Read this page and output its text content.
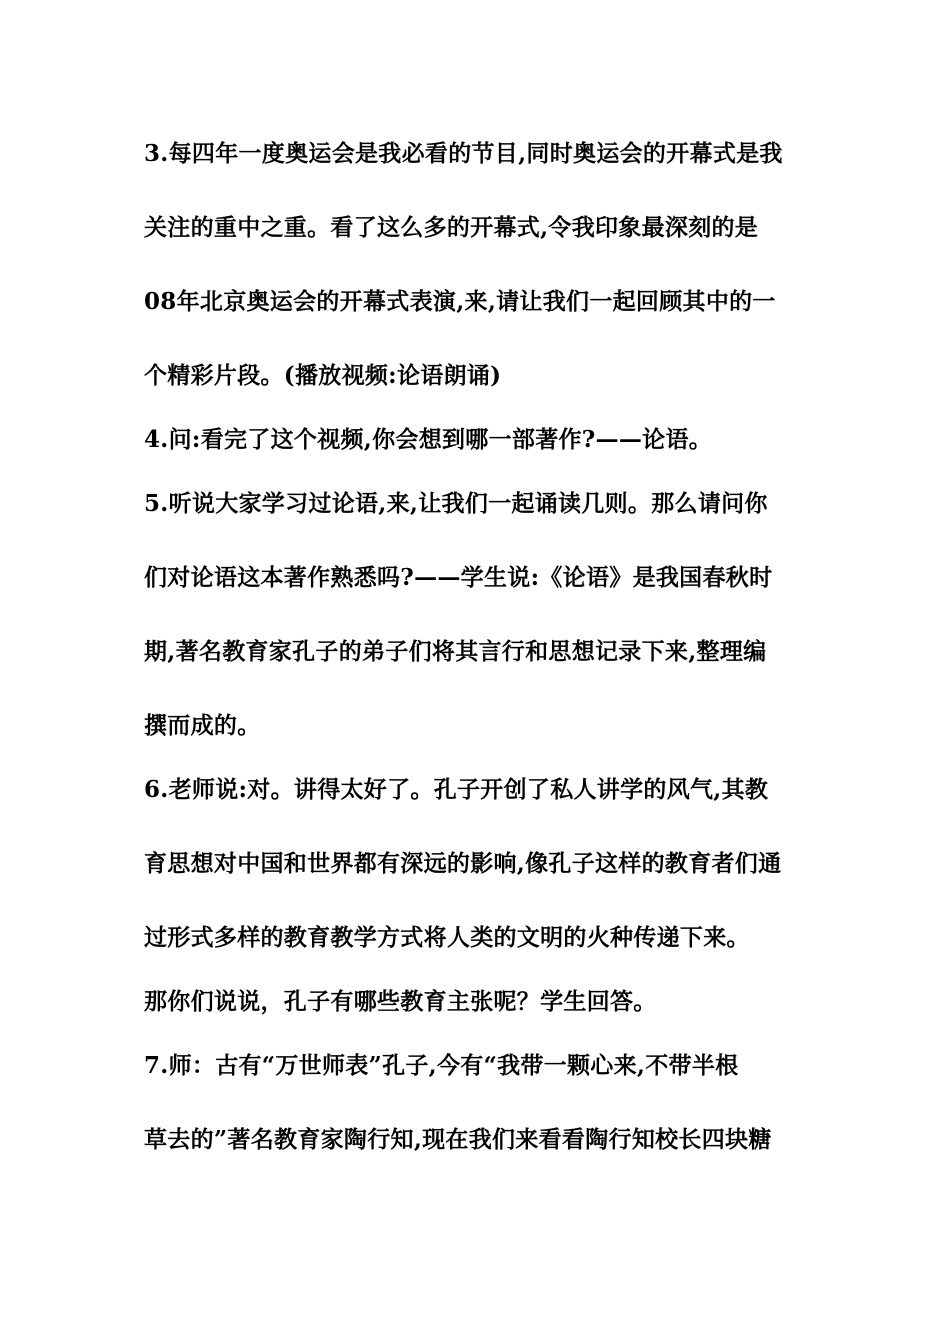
3.每四年一度奥运会是我必看的节目,同时奥运会的开幕式是我
关注的重中之重。看了这么多的开幕式,令我印象最深刻的是
08年北京奥运会的开幕式表演,来,请让我们一起回顾其中的一
个精彩片段。(播放视频:论语朗诵)
4.问:看完了这个视频,你会想到哪一部著作?——论语。
5.听说大家学习过论语,来,让我们一起诵读几则。那么请问你
们对论语这本著作熟悉吗?——学生说:《论语》是我国春秋时
期,著名教育家孔子的弟子们将其言行和思想记录下来,整理编
撰而成的。
6.老师说:对。讲得太好了。孔子开创了私人讲学的风气,其教
育思想对中国和世界都有深远的影响,像孔子这样的教育者们通
过形式多样的教育教学方式将人类的文明的火种传递下来。
那你们说说，孔子有哪些教育主张呢？学生回答。
7.师：古有“万世师表”孔子,今有“我带一颗心来,不带半根
草去的”著名教育家陶行知,现在我们来看看陶行知校长四块糖
